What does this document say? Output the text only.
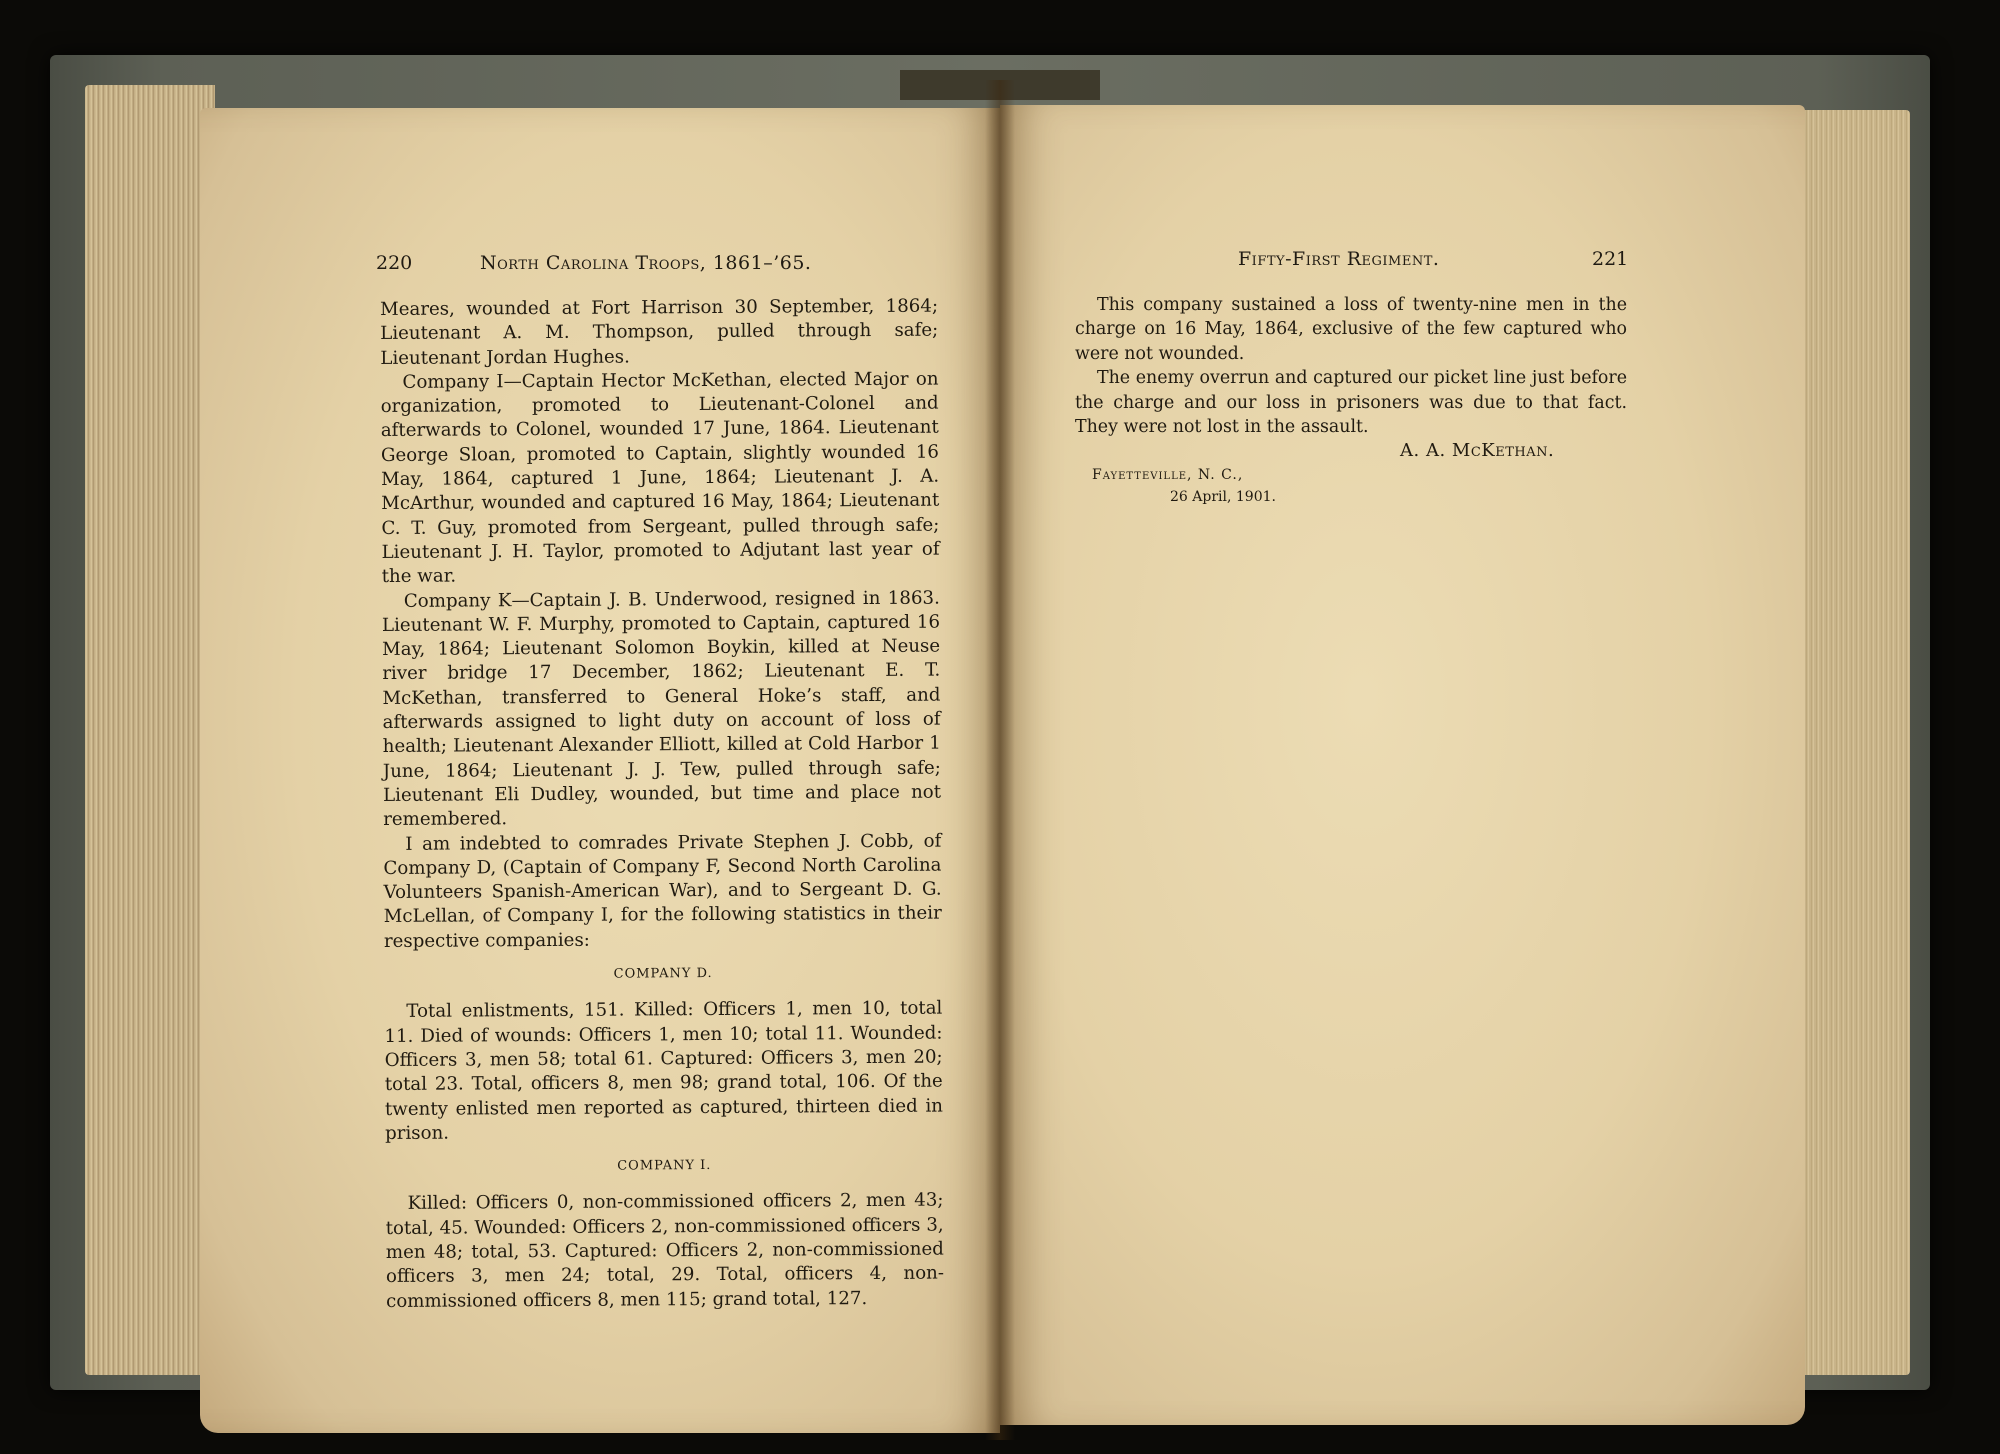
220	North Carolina Troops, 1861–’65.

Meares, wounded at Fort Harrison 30 September, 1864; Lieutenant A. M. Thompson, pulled through safe; Lieutenant Jordan Hughes.

Company I—Captain Hector McKethan, elected Major on organization, promoted to Lieutenant-Colonel and afterwards to Colonel, wounded 17 June, 1864. Lieutenant George Sloan, promoted to Captain, slightly wounded 16 May, 1864, captured 1 June, 1864; Lieutenant J. A. McArthur, wounded and captured 16 May, 1864; Lieutenant C. T. Guy, promoted from Sergeant, pulled through safe; Lieutenant J. H. Taylor, promoted to Adjutant last year of the war.

Company K—Captain J. B. Underwood, resigned in 1863. Lieutenant W. F. Murphy, promoted to Captain, captured 16 May, 1864; Lieutenant Solomon Boykin, killed at Neuse river bridge 17 December, 1862; Lieutenant E. T. McKethan, transferred to General Hoke’s staff, and afterwards assigned to light duty on account of loss of health; Lieutenant Alexander Elliott, killed at Cold Harbor 1 June, 1864; Lieutenant J. J. Tew, pulled through safe; Lieutenant Eli Dudley, wounded, but time and place not remembered.

I am indebted to comrades Private Stephen J. Cobb, of Company D, (Captain of Company F, Second North Carolina Volunteers Spanish-American War), and to Sergeant D. G. McLellan, of Company I, for the following statistics in their respective companies:

COMPANY D.

Total enlistments, 151. Killed: Officers 1, men 10, total 11. Died of wounds: Officers 1, men 10; total 11. Wounded: Officers 3, men 58; total 61. Captured: Officers 3, men 20; total 23. Total, officers 8, men 98; grand total, 106. Of the twenty enlisted men reported as captured, thirteen died in prison.

COMPANY I.

Killed: Officers 0, non-commissioned officers 2, men 43; total, 45. Wounded: Officers 2, non-commissioned officers 3, men 48; total, 53. Captured: Officers 2, non-commissioned officers 3, men 24; total, 29. Total, officers 4, non-commissioned officers 8, men 115; grand total, 127.

Fifty-First Regiment.	221

This company sustained a loss of twenty-nine men in the charge on 16 May, 1864, exclusive of the few captured who were not wounded.

The enemy overrun and captured our picket line just before the charge and our loss in prisoners was due to that fact. They were not lost in the assault.

A. A. McKethan.
Fayetteville, N. C.,
26 April, 1901.
